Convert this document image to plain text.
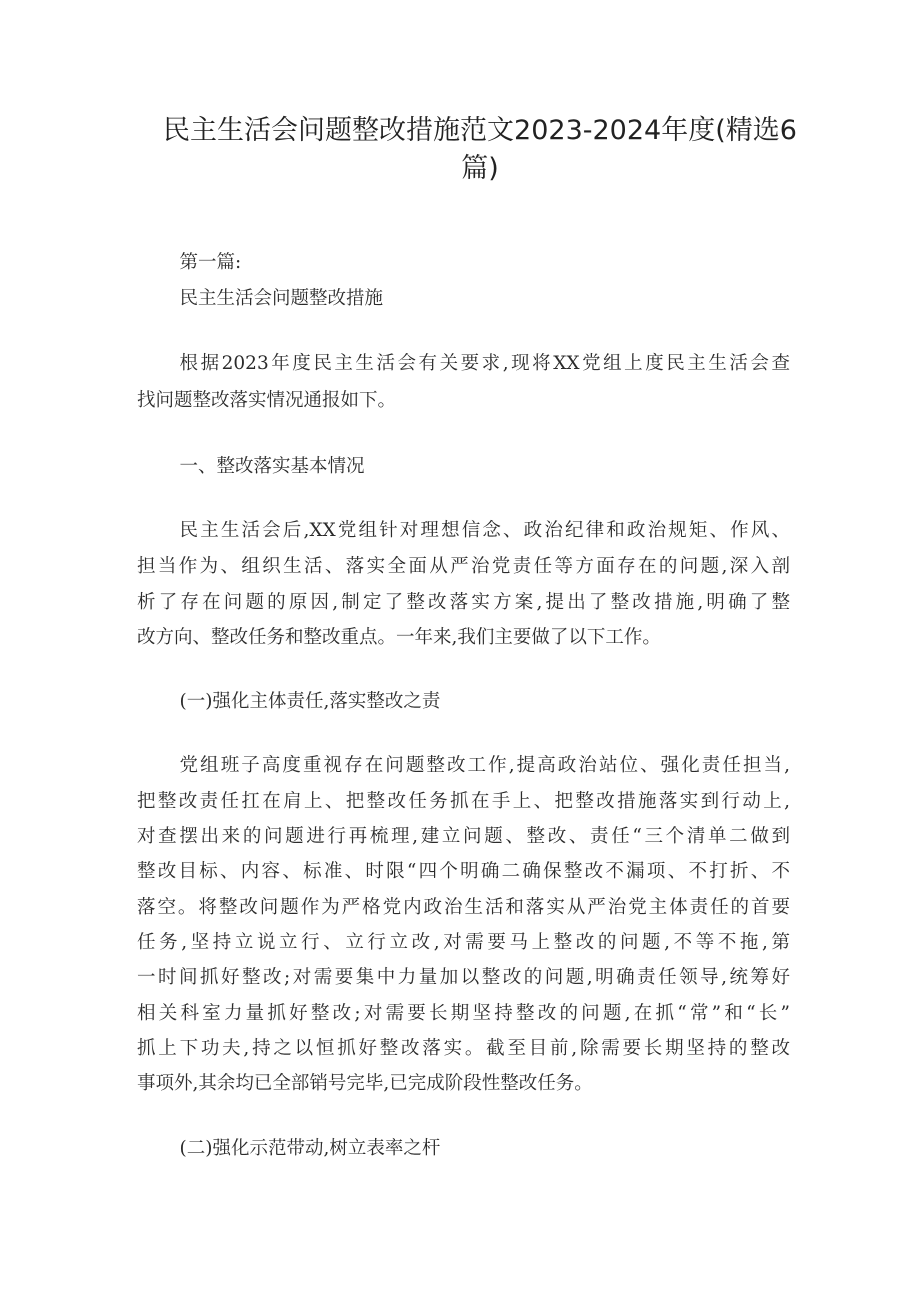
民主生活会问题整改措施范文2023-2024年度(精选6
篇)

第一篇:

民主生活会问题整改措施

根据2023年度民主生活会有关要求,现将XX党组上度民主生活会查

找问题整改落实情况通报如下。

一、整改落实基本情况

民主生活会后,XX党组针对理想信念、政治纪律和政治规矩、作风、

担当作为、组织生活、落实全面从严治党责任等方面存在的问题,深入剖

析了存在问题的原因,制定了整改落实方案,提出了整改措施,明确了整

改方向、整改任务和整改重点。一年来,我们主要做了以下工作。

(一)强化主体责任,落实整改之责

党组班子高度重视存在问题整改工作,提高政治站位、强化责任担当,

把整改责任扛在肩上、把整改任务抓在手上、把整改措施落实到行动上,

对查摆出来的问题进行再梳理,建立问题、整改、责任“三个清单二做到

整改目标、内容、标准、时限“四个明确二确保整改不漏项、不打折、不

落空。将整改问题作为严格党内政治生活和落实从严治党主体责任的首要

任务,坚持立说立行、立行立改,对需要马上整改的问题,不等不拖,第

一时间抓好整改;对需要集中力量加以整改的问题,明确责任领导,统筹好

相关科室力量抓好整改;对需要长期坚持整改的问题,在抓“常”和“长”

抓上下功夫,持之以恒抓好整改落实。截至目前,除需要长期坚持的整改

事项外,其余均已全部销号完毕,已完成阶段性整改任务。

(二)强化示范带动,树立表率之杆
